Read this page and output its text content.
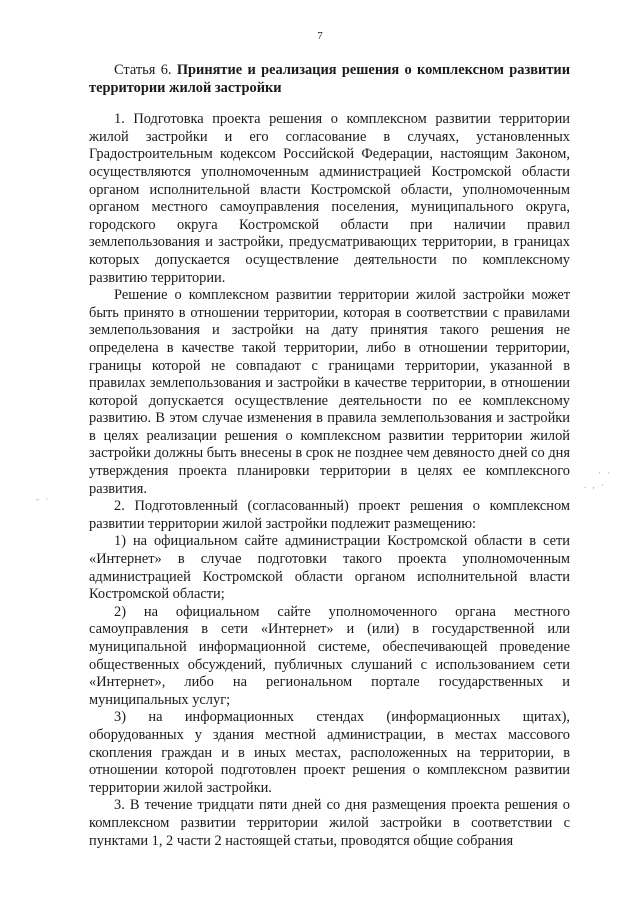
7

Статья 6. Принятие и реализация решения о комплексном развитии территории жилой застройки

1. Подготовка проекта решения о комплексном развитии территории жилой застройки и его согласование в случаях, установленных Градостроительным кодексом Российской Федерации, настоящим Законом, осуществляются уполномоченным администрацией Костромской области органом исполнительной власти Костромской области, уполномоченным органом местного самоуправления поселения, муниципального округа, городского округа Костромской области при наличии правил землепользования и застройки, предусматривающих территории, в границах которых допускается осуществление деятельности по комплексному развитию территории.

Решение о комплексном развитии территории жилой застройки может быть принято в отношении территории, которая в соответствии с правилами землепользования и застройки на дату принятия такого решения не определена в качестве такой территории, либо в отношении территории, границы которой не совпадают с границами территории, указанной в правилах землепользования и застройки в качестве территории, в отношении которой допускается осуществление деятельности по ее комплексному развитию. В этом случае изменения в правила землепользования и застройки в целях реализации решения о комплексном развитии территории жилой застройки должны быть внесены в срок не позднее чем девяносто дней со дня утверждения проекта планировки территории в целях ее комплексного развития.

2. Подготовленный (согласованный) проект решения о комплексном развитии территории жилой застройки подлежит размещению:

1) на официальном сайте администрации Костромской области в сети «Интернет» в случае подготовки такого проекта уполномоченным администрацией Костромской области органом исполнительной власти Костромской области;

2) на официальном сайте уполномоченного органа местного самоуправления в сети «Интернет» и (или) в государственной или муниципальной информационной системе, обеспечивающей проведение общественных обсуждений, публичных слушаний с использованием сети «Интернет», либо на региональном портале государственных и муниципальных услуг;

3) на информационных стендах (информационных щитах), оборудованных у здания местной администрации, в местах массового скопления граждан и в иных местах, расположенных на территории, в отношении которой подготовлен проект решения о комплексном развитии территории жилой застройки.

3. В течение тридцати пяти дней со дня размещения проекта решения о комплексном развитии территории жилой застройки в соответствии с пунктами 1, 2 части 2 настоящей статьи, проводятся общие собрания

· ·
. , ·
- ·
